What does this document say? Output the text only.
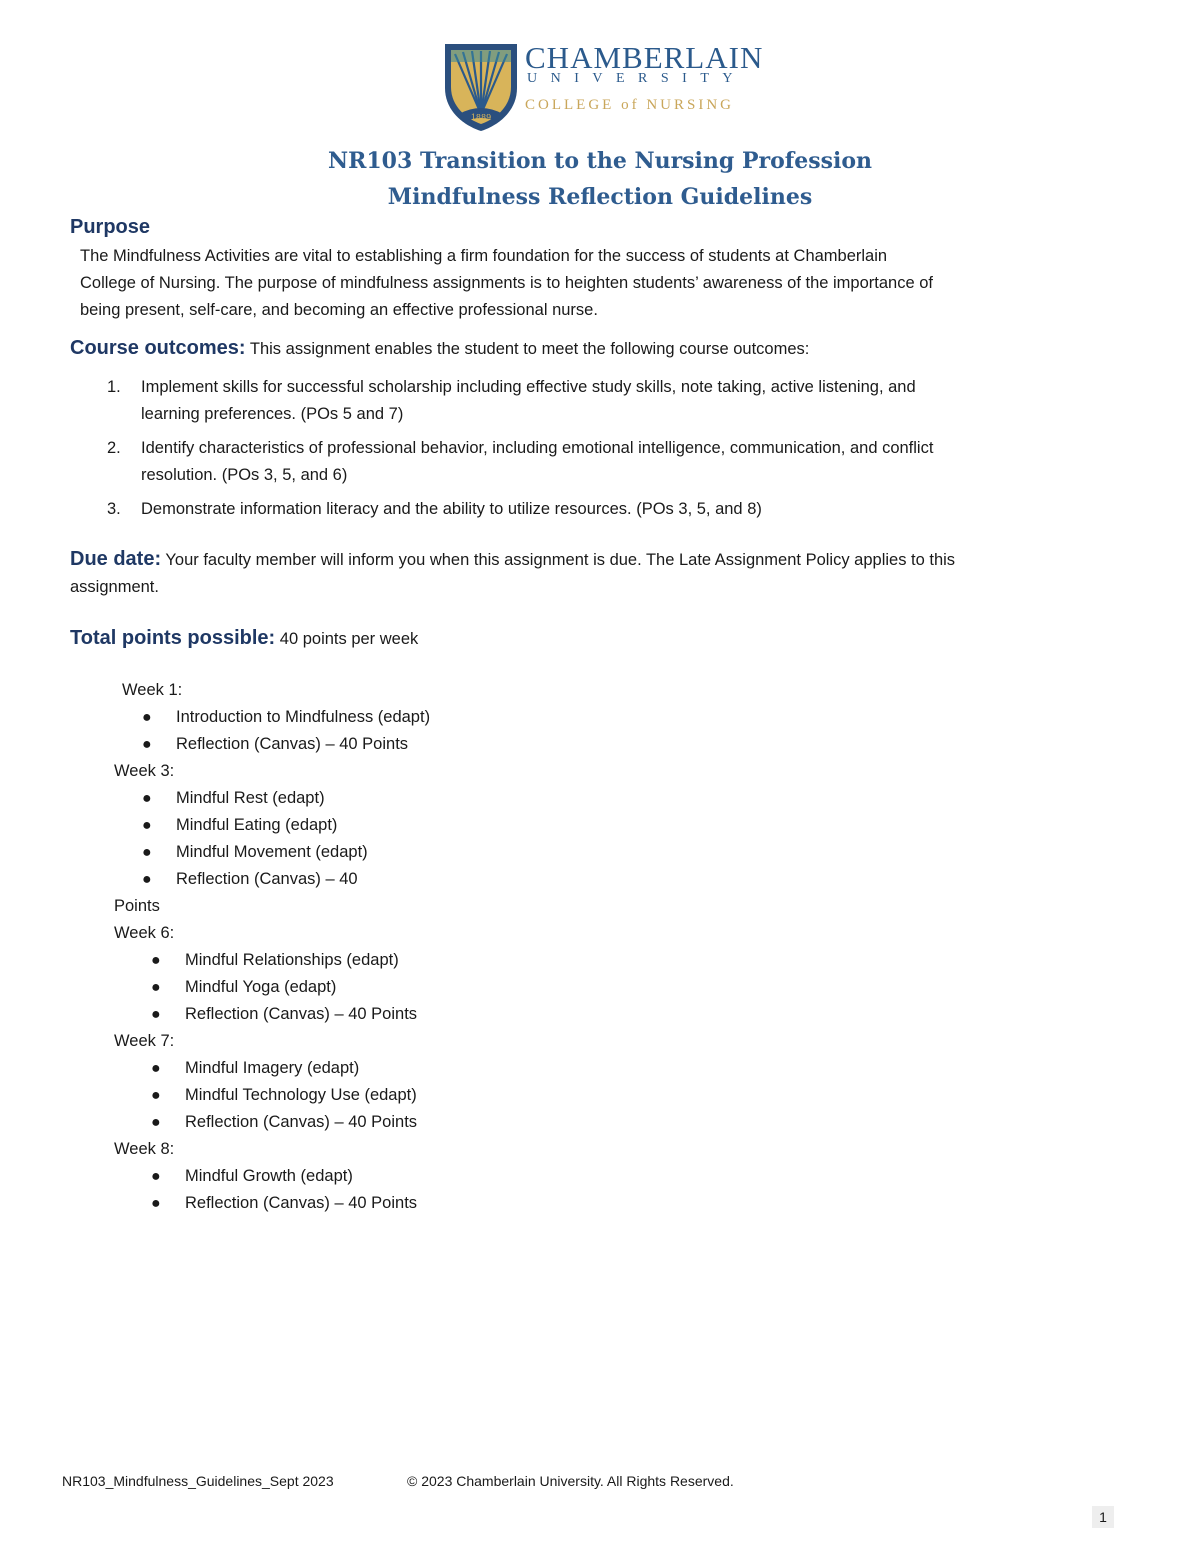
1889
CHAMBERLAIN
UNIVERSITY
COLLEGE of NURSING
NR103 Transition to the Nursing Profession
Mindfulness Reflection Guidelines
Purpose
The Mindfulness Activities are vital to establishing a firm foundation for the success of students at Chamberlain
College of Nursing. The purpose of mindfulness assignments is to heighten students’ awareness of the importance of
being present, self-care, and becoming an effective professional nurse.
Course outcomes: This assignment enables the student to meet the following course outcomes:
1. Implement skills for successful scholarship including effective study skills, note taking, active listening, and
learning preferences. (POs 5 and 7)
2. Identify characteristics of professional behavior, including emotional intelligence, communication, and conflict
resolution. (POs 3, 5, and 6)
3. Demonstrate information literacy and the ability to utilize resources. (POs 3, 5, and 8)
Due date: Your faculty member will inform you when this assignment is due. The Late Assignment Policy applies to this
assignment.
Total points possible: 40 points per week
Week 1:
● Introduction to Mindfulness (edapt)
● Reflection (Canvas) – 40 Points
Week 3:
● Mindful Rest (edapt)
● Mindful Eating (edapt)
● Mindful Movement (edapt)
● Reflection (Canvas) – 40
Points
Week 6:
● Mindful Relationships (edapt)
● Mindful Yoga (edapt)
● Reflection (Canvas) – 40 Points
Week 7:
● Mindful Imagery (edapt)
● Mindful Technology Use (edapt)
● Reflection (Canvas) – 40 Points
Week 8:
● Mindful Growth (edapt)
● Reflection (Canvas) – 40 Points
NR103_Mindfulness_Guidelines_Sept 2023	© 2023 Chamberlain University. All Rights Reserved.
1
